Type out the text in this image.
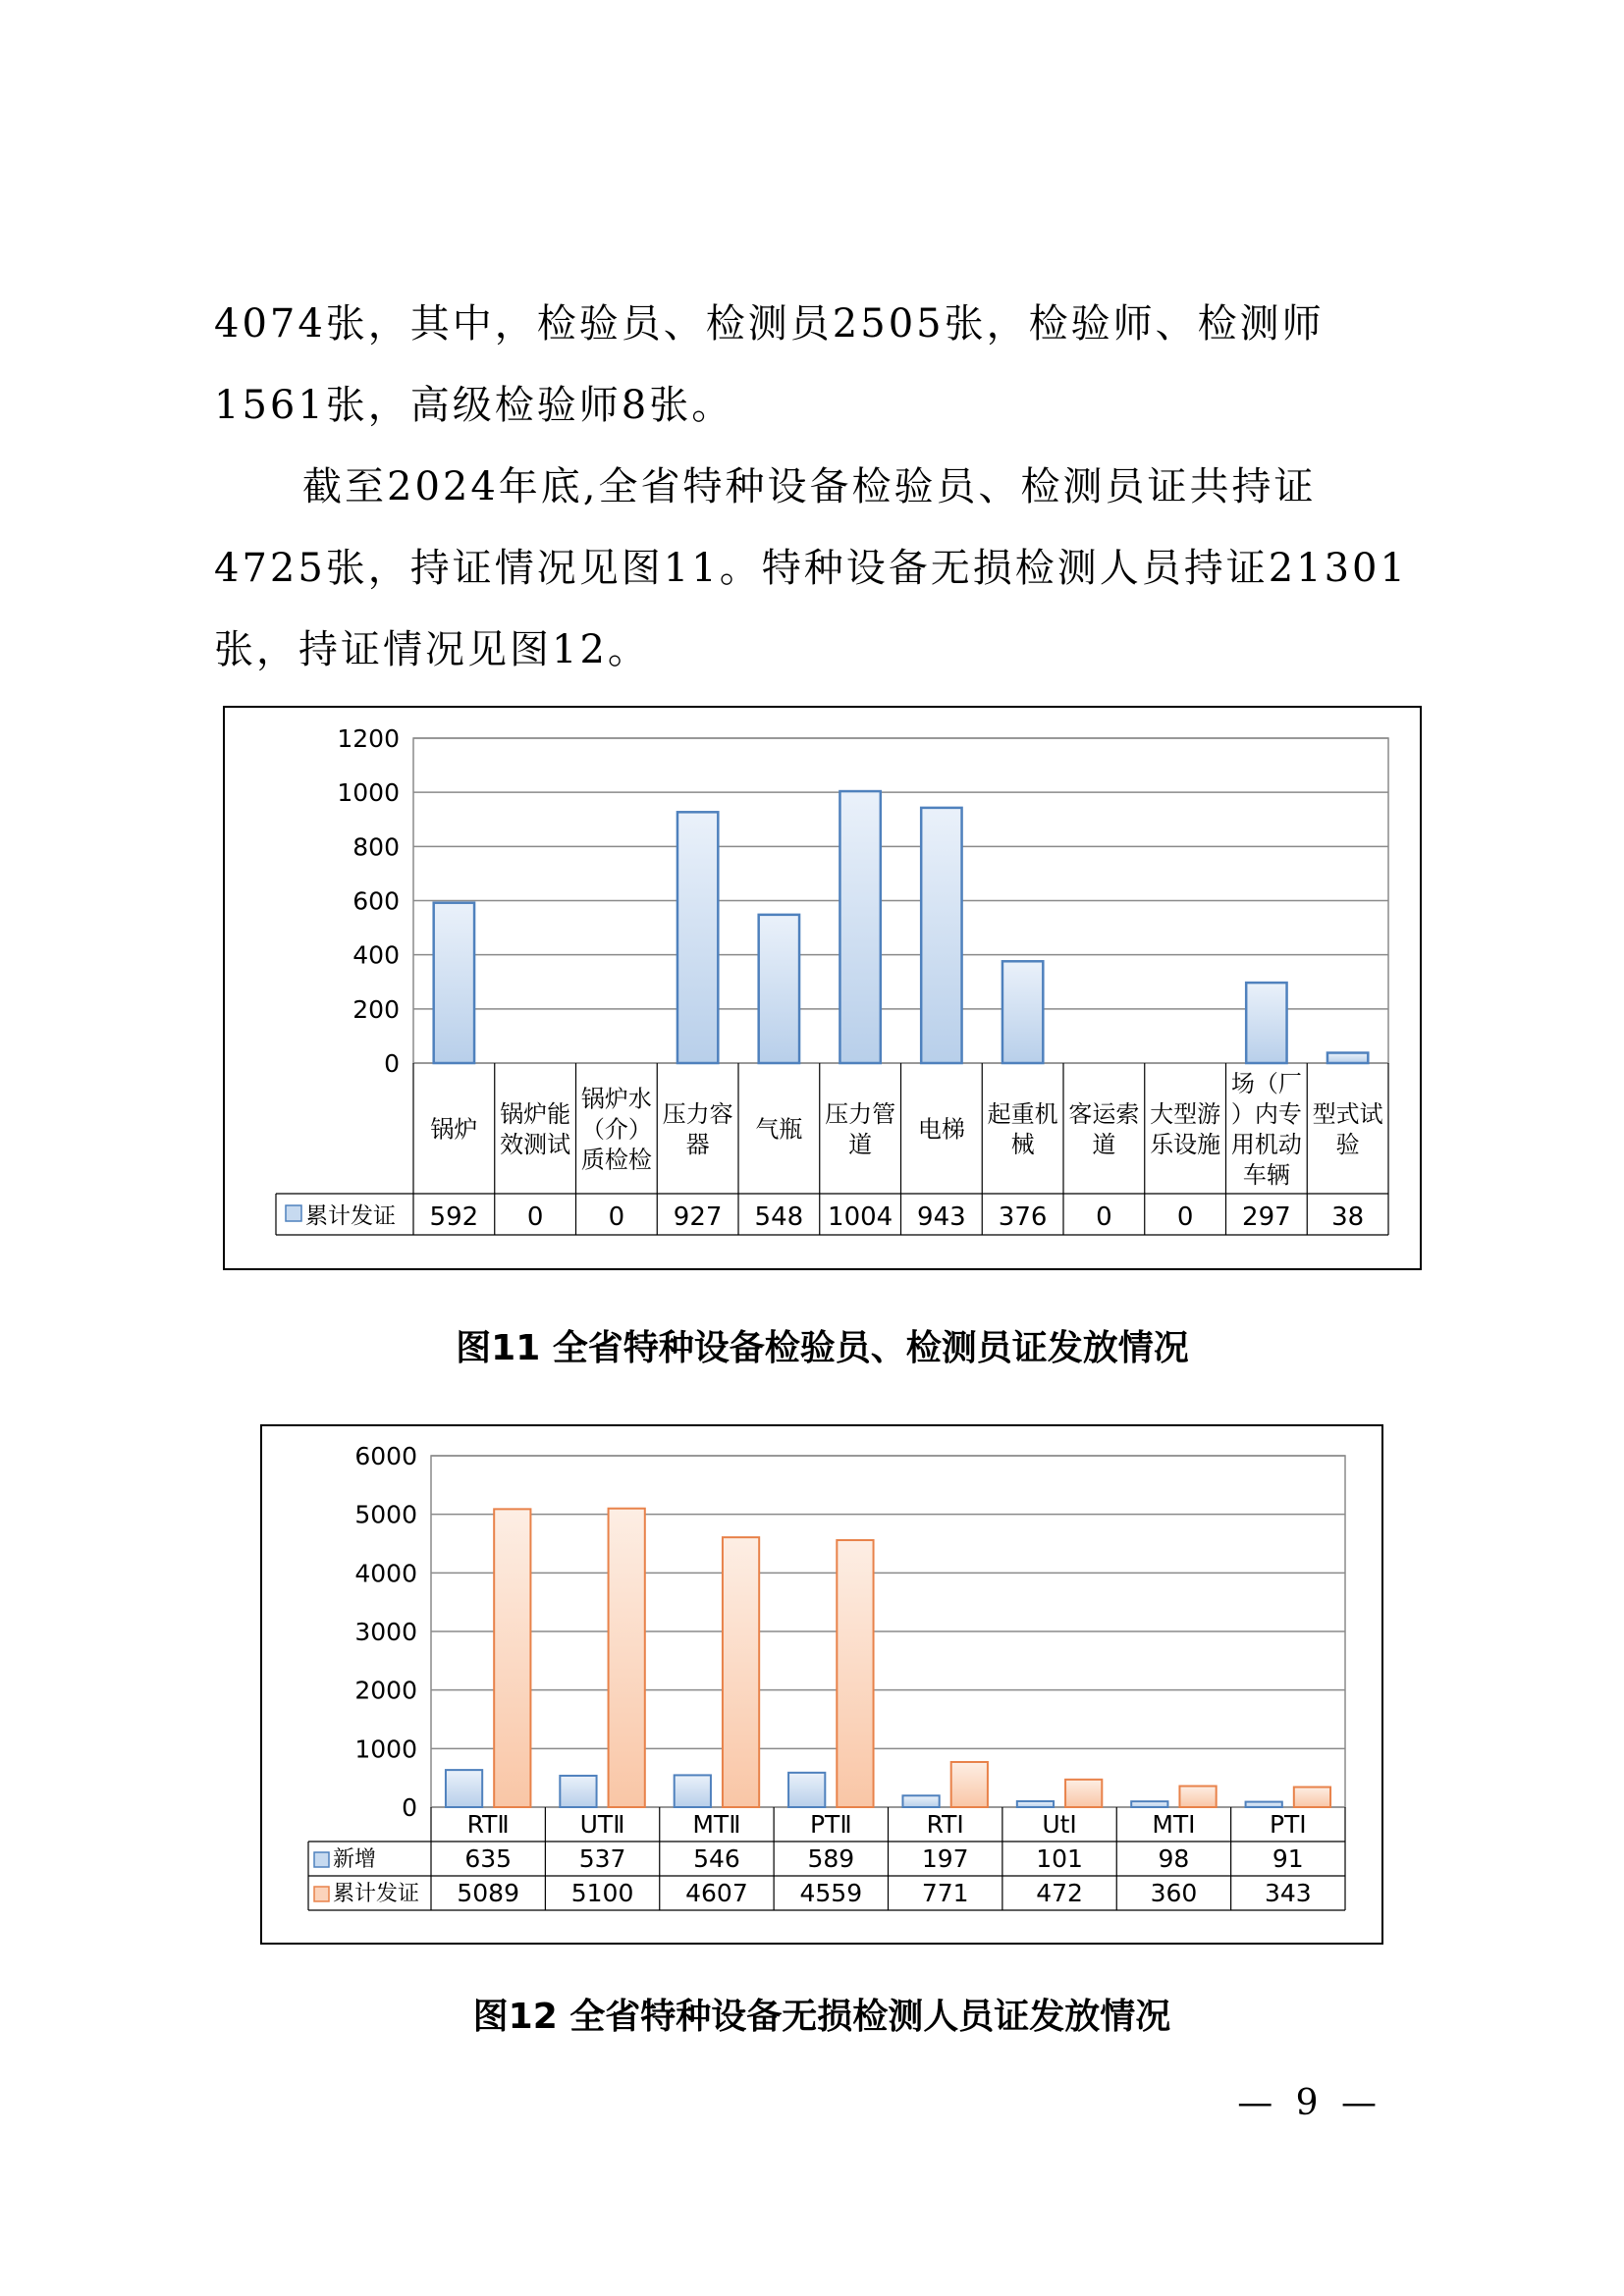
4074张，其中，检验员、检测员2505张，检验师、检测师1561张，高级检验师8张。
截至2024年底,全省特种设备检验员、检测员证共持证4725张，持证情况见图11。特种设备无损检测人员持证21301张，持证情况见图12。
0
200
400
600
800
1000
1200
锅炉
592
锅炉能
效测试
0
锅炉水
（介）
质检检
0
压力容
器
927
气瓶
548
压力管
道
1004
电梯
943
起重机
械
376
客运索
道
0
大型游
乐设施
0
场（厂
）内专
用机动
车辆
297
型式试
验
38
累计发证
图11 全省特种设备检验员、检测员证发放情况
0
1000
2000
3000
4000
5000
6000
RTⅡ
635
5089
UTⅡ
537
5100
MTⅡ
546
4607
PTⅡ
589
4559
RTⅠ
197
771
UtⅠ
101
472
MTⅠ
98
360
PTⅠ
91
343
新增
累计发证
图12 全省特种设备无损检测人员证发放情况
— 9 —
